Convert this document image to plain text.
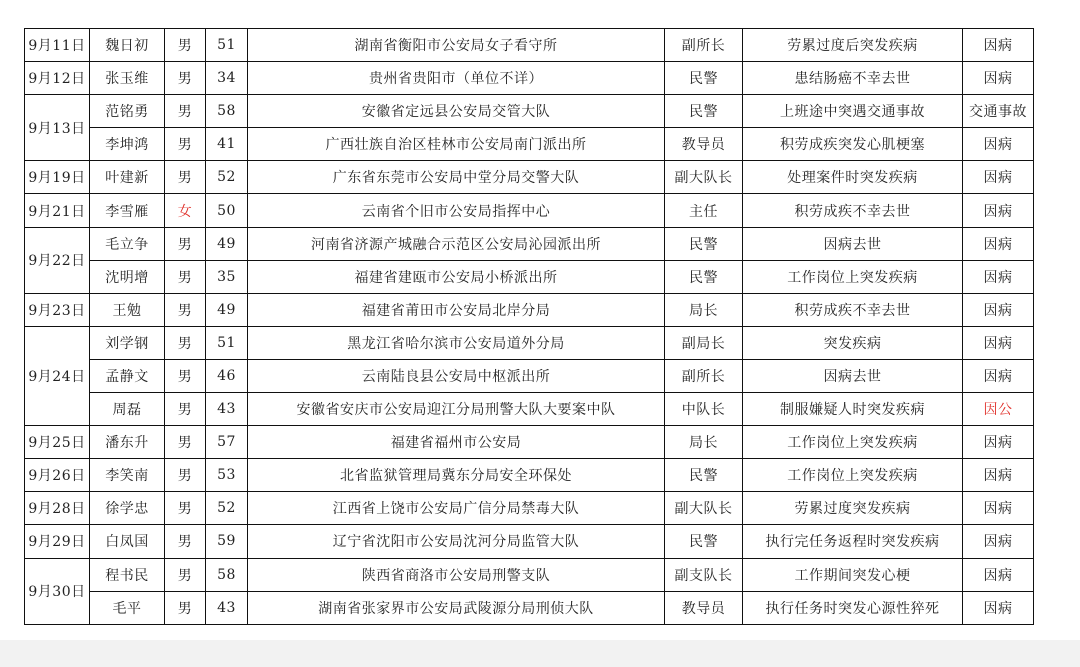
9月11日	魏日初	男	51	湖南省衡阳市公安局女子看守所	副所长	劳累过度后突发疾病	因病
9月12日	张玉维	男	34	贵州省贵阳市（单位不详）	民警	患结肠癌不幸去世	因病
9月13日	范铭勇	男	58	安徽省定远县公安局交管大队	民警	上班途中突遇交通事故	交通事故
	李坤鸿	男	41	广西壮族自治区桂林市公安局南门派出所	教导员	积劳成疾突发心肌梗塞	因病
9月19日	叶建新	男	52	广东省东莞市公安局中堂分局交警大队	副大队长	处理案件时突发疾病	因病
9月21日	李雪雁	女	50	云南省个旧市公安局指挥中心	主任	积劳成疾不幸去世	因病
9月22日	毛立争	男	49	河南省济源产城融合示范区公安局沁园派出所	民警	因病去世	因病
	沈明增	男	35	福建省建瓯市公安局小桥派出所	民警	工作岗位上突发疾病	因病
9月23日	王勉	男	49	福建省莆田市公安局北岸分局	局长	积劳成疾不幸去世	因病
9月24日	刘学钢	男	51	黑龙江省哈尔滨市公安局道外分局	副局长	突发疾病	因病
	孟静文	男	46	云南陆良县公安局中枢派出所	副所长	因病去世	因病
	周磊	男	43	安徽省安庆市公安局迎江分局刑警大队大要案中队	中队长	制服嫌疑人时突发疾病	因公
9月25日	潘东升	男	57	福建省福州市公安局	局长	工作岗位上突发疾病	因病
9月26日	李笑南	男	53	北省监狱管理局冀东分局安全环保处	民警	工作岗位上突发疾病	因病
9月28日	徐学忠	男	52	江西省上饶市公安局广信分局禁毒大队	副大队长	劳累过度突发疾病	因病
9月29日	白凤国	男	59	辽宁省沈阳市公安局沈河分局监管大队	民警	执行完任务返程时突发疾病	因病
9月30日	程书民	男	58	陕西省商洛市公安局刑警支队	副支队长	工作期间突发心梗	因病
	毛平	男	43	湖南省张家界市公安局武陵源分局刑侦大队	教导员	执行任务时突发心源性猝死	因病
